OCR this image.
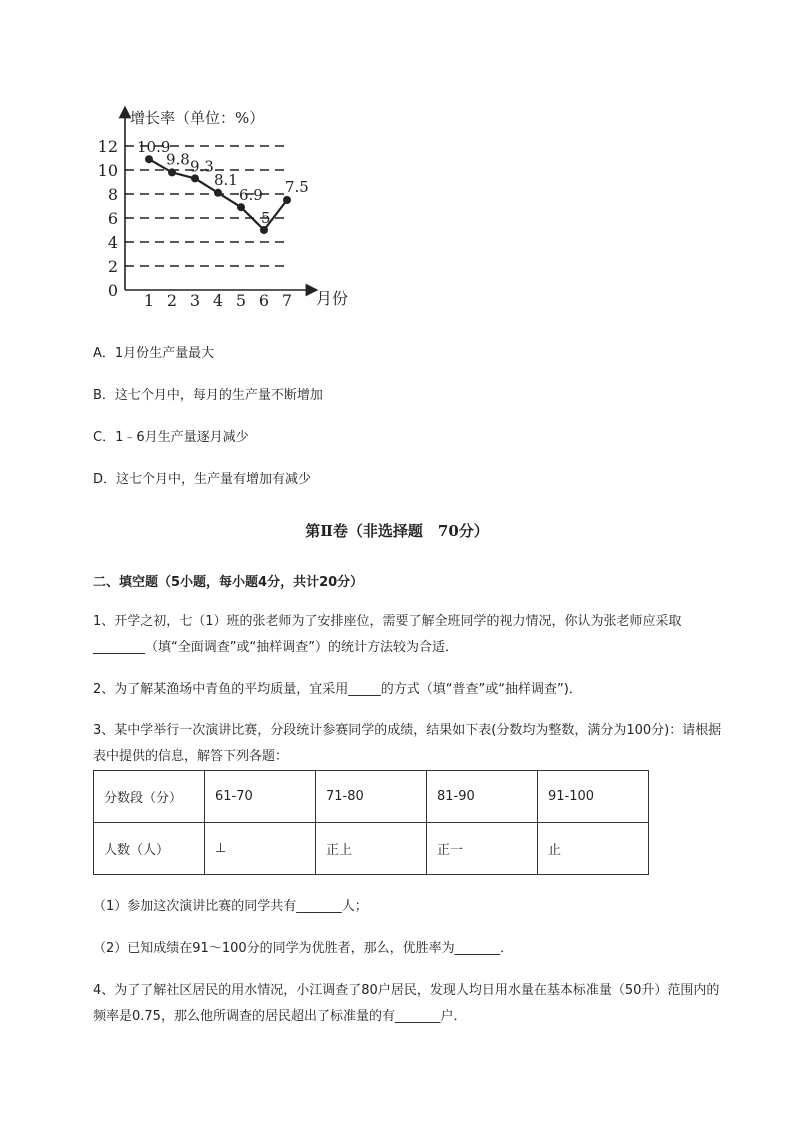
增长率（单位：%）
月份
0
2
4
6
8
10
12
1 2 3 4 5 6 7
10.9
9.8 9.3
8.1
6.9
5
7.5
A．1月份生产量最大
B．这七个月中，每月的生产量不断增加
C．1﹣6月生产量逐月减少
D．这七个月中，生产量有增加有减少
第Ⅱ卷（非选择题　70分）
二、填空题（5小题，每小题4分，共计20分）
1、开学之初，七（1）班的张老师为了安排座位，需要了解全班同学的视力情况，你认为张老师应采取________（填“全面调查”或“抽样调查”）的统计方法较为合适．
2、为了解某渔场中青鱼的平均质量，宜采用_____的方式（填“普查”或“抽样调查”)．
3、某中学举行一次演讲比赛，分段统计参赛同学的成绩，结果如下表(分数均为整数，满分为100分)：请根据表中提供的信息，解答下列各题：
分数段（分）	61-70	71-80	81-90	91-100
人数（人）	⊥	正上	正一	止
（1）参加这次演讲比赛的同学共有_______人；
（2）已知成绩在91～100分的同学为优胜者，那么，优胜率为_______．
4、为了了解社区居民的用水情况，小江调查了80户居民，发现人均日用水量在基本标准量（50升）范围内的频率是0.75，那么他所调查的居民超出了标准量的有_______户．
